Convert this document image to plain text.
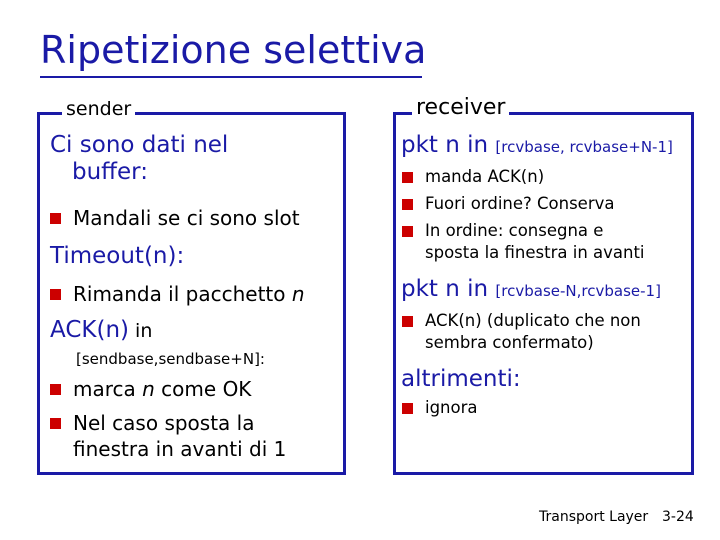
Ripetizione selettiva
sender
Ci sono dati nel
buffer:
Mandali se ci sono slot
Timeout(n):
Rimanda il pacchetto n
ACK(n) in
[sendbase,sendbase+N]:
marca n come OK
Nel caso sposta la
finestra in avanti di 1
receiver
pkt n in [rcvbase, rcvbase+N-1]
manda ACK(n)
Fuori ordine? Conserva
In ordine: consegna e
sposta la finestra in avanti
pkt n in [rcvbase-N,rcvbase-1]
ACK(n) (duplicato che non
sembra confermato)
altrimenti:
ignora
Transport Layer 3-24
